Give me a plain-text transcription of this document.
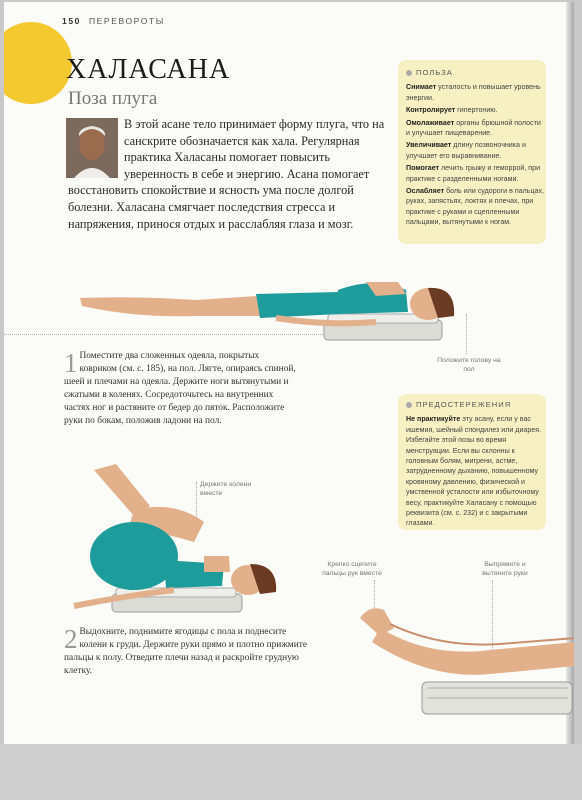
150 ПЕРЕВОРОТЫ
ХАЛАСАНА
Поза плуга
В этой асане тело принимает форму плуга, что на санскрите обозначается как хала. Регулярная практика Халасаны помогает повысить уверенность в себе и энергию. Асана помогает восстановить спокойствие и ясность ума после долгой болезни. Халасана смягчает последствия стресса и напряжения, принося отдых и расслабляя глаза и мозг.
ПОЛЬЗА

Снимает усталость и повышает уровень энергии.

Контролирует гипертонию.

Омолаживает органы брюшной полости и улучшает пищеварение.

Увеличивает длину позвоночника и улучшает его выравнивание.

Помогает лечить грыжу и геморрой, при практике с разделенными ногами.

Ослабляет боль или судороги в пальцах, руках, запястьях, локтях и плечах, при практике с руками и сцепленными пальцами, вытянутыми к ногам.

ПРЕДОСТЕРЕЖЕНИЯ

Не практикуйте эту асану, если у вас ишемия, шейный спондилез или диарея. Избегайте этой позы во время менструации. Если вы склонны к головным болям, мигрени, астме, затрудненному дыханию, повышенному кровяному давлению, физической и умственной усталости или избыточному весу, практикуйте Халасану с помощью реквизита (см. с. 232) и с закрытыми глазами.

Положите голову на пол
1 Поместите два сложенных одеяла, покрытых ковриком (см. с. 185), на пол. Лягте, опираясь спиной, шеей и плечами на одеяла. Держите ноги вытянутыми и сжатыми в коленях. Сосредоточьтесь на внутренних частях ног и растяните от бедер до пяток. Расположите руки по бокам, положив ладони на пол.
Держите колени вместе
2 Выдохните, поднимите ягодицы с пола и поднесите колени к груди. Держите руки прямо и плотно прижмите пальцы к полу. Отведите плечи назад и раскройте грудную клетку.
Крепко сцепите пальцы рук вместе
Выпрямите и вытяните руки
